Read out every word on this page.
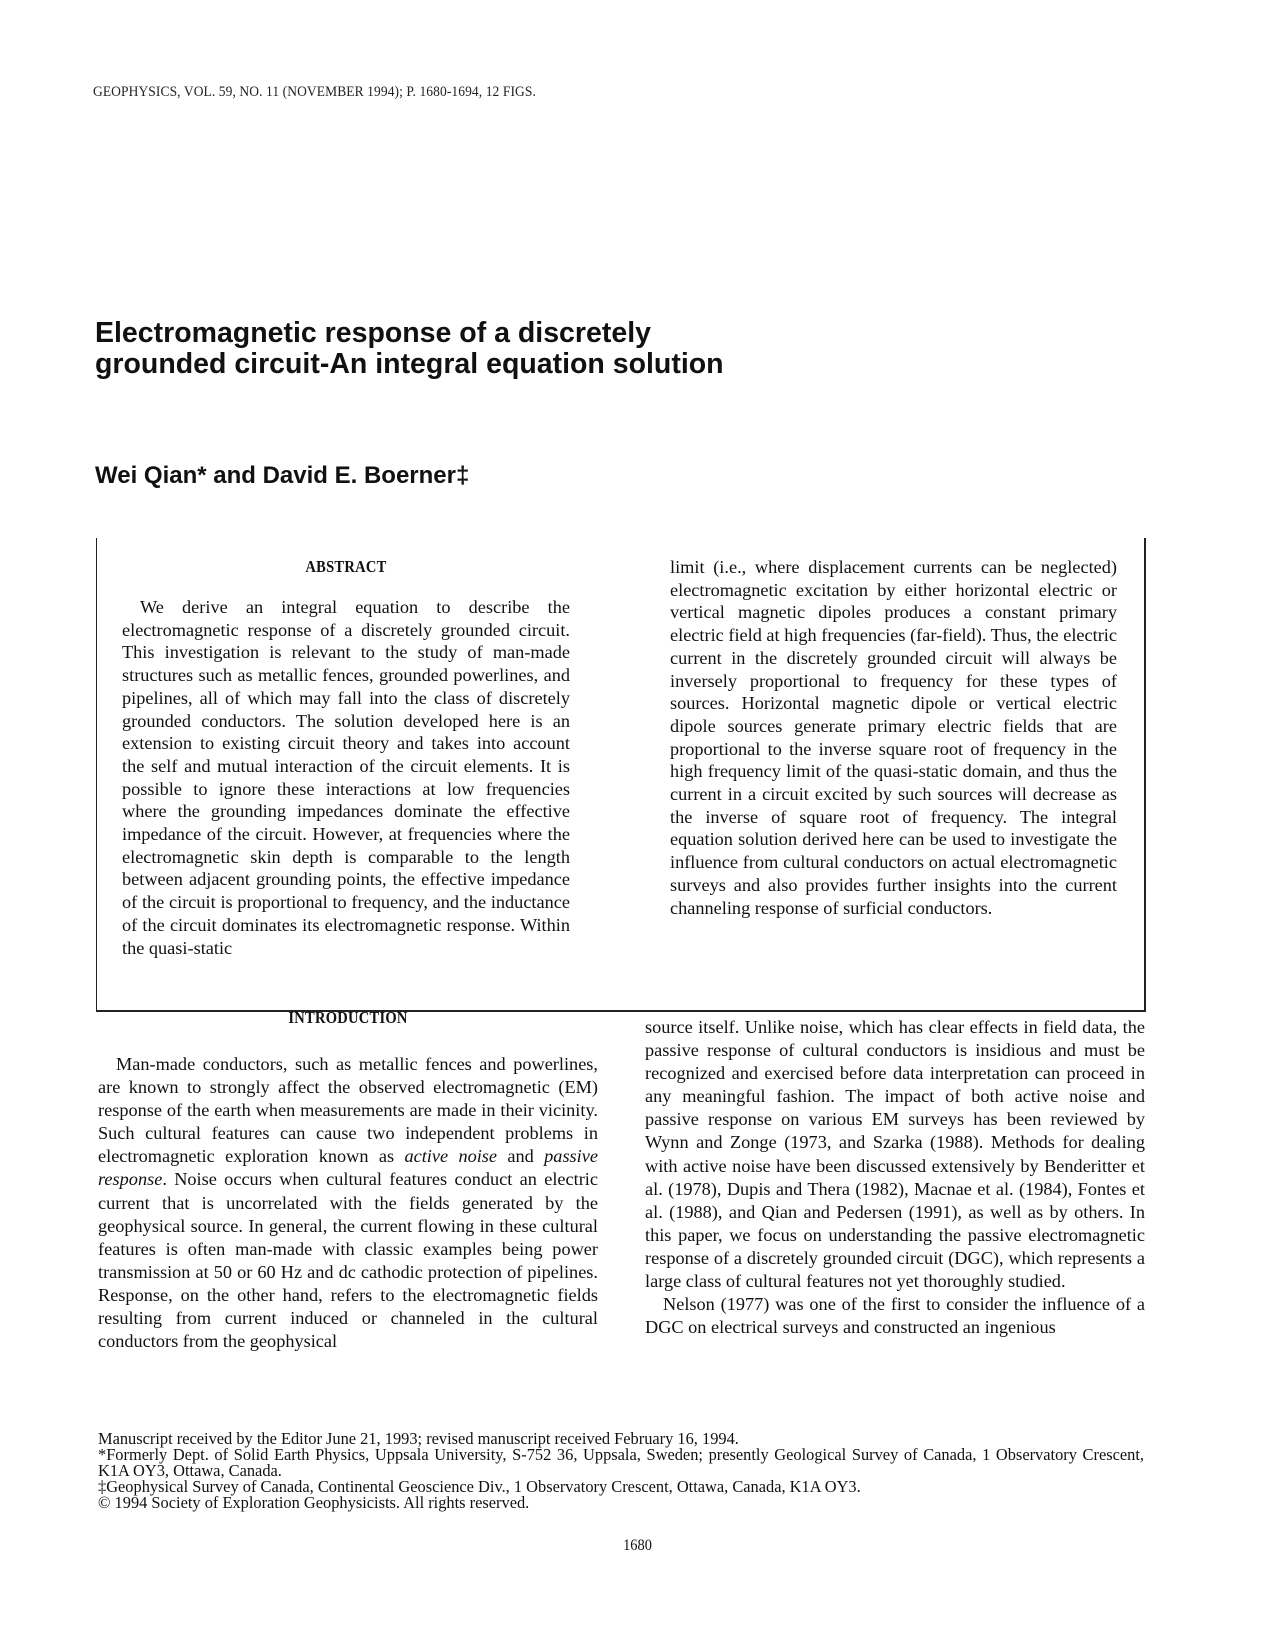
GEOPHYSICS, VOL. 59, NO. 11 (NOVEMBER 1994); P. 1680-1694, 12 FIGS.
Electromagnetic response of a discretely
grounded circuit-An integral equation solution
Wei Qian* and David E. Boerner‡
ABSTRACT

We derive an integral equation to describe the electromagnetic response of a discretely grounded circuit. This investigation is relevant to the study of man-made structures such as metallic fences, grounded powerlines, and pipelines, all of which may fall into the class of discretely grounded conductors. The solution developed here is an extension to existing circuit theory and takes into account the self and mutual interaction of the circuit elements. It is possible to ignore these interactions at low frequencies where the grounding impedances dominate the effective impedance of the circuit. However, at frequencies where the electromagnetic skin depth is comparable to the length between adjacent grounding points, the effective impedance of the circuit is proportional to frequency, and the inductance of the circuit dominates its electromagnetic response. Within the quasi-static

limit (i.e., where displacement currents can be neglected) electromagnetic excitation by either horizontal electric or vertical magnetic dipoles produces a constant primary electric field at high frequencies (far-field). Thus, the electric current in the discretely grounded circuit will always be inversely proportional to frequency for these types of sources. Horizontal magnetic dipole or vertical electric dipole sources generate primary electric fields that are proportional to the inverse square root of frequency in the high frequency limit of the quasi-static domain, and thus the current in a circuit excited by such sources will decrease as the inverse of square root of frequency. The integral equation solution derived here can be used to investigate the influence from cultural conductors on actual electromagnetic surveys and also provides further insights into the current channeling response of surficial conductors.

INTRODUCTION

Man-made conductors, such as metallic fences and powerlines, are known to strongly affect the observed electromagnetic (EM) response of the earth when measurements are made in their vicinity. Such cultural features can cause two independent problems in electromagnetic exploration known as active noise and passive response. Noise occurs when cultural features conduct an electric current that is uncorrelated with the fields generated by the geophysical source. In general, the current flowing in these cultural features is often man-made with classic examples being power transmission at 50 or 60 Hz and dc cathodic protection of pipelines. Response, on the other hand, refers to the electromagnetic fields resulting from current induced or channeled in the cultural conductors from the geophysical

source itself. Unlike noise, which has clear effects in field data, the passive response of cultural conductors is insidious and must be recognized and exercised before data interpretation can proceed in any meaningful fashion. The impact of both active noise and passive response on various EM surveys has been reviewed by Wynn and Zonge (1973, and Szarka (1988). Methods for dealing with active noise have been discussed extensively by Benderitter et al. (1978), Dupis and Thera (1982), Macnae et al. (1984), Fontes et al. (1988), and Qian and Pedersen (1991), as well as by others. In this paper, we focus on understanding the passive electromagnetic response of a discretely grounded circuit (DGC), which represents a large class of cultural features not yet thoroughly studied.

Nelson (1977) was one of the first to consider the influence of a DGC on electrical surveys and constructed an ingenious

Manuscript received by the Editor June 21, 1993; revised manuscript received February 16, 1994.
*Formerly Dept. of Solid Earth Physics, Uppsala University, S-752 36, Uppsala, Sweden; presently Geological Survey of Canada, 1 Observatory Crescent, K1A OY3, Ottawa, Canada.
‡Geophysical Survey of Canada, Continental Geoscience Div., 1 Observatory Crescent, Ottawa, Canada, K1A OY3.
© 1994 Society of Exploration Geophysicists. All rights reserved.
1680
